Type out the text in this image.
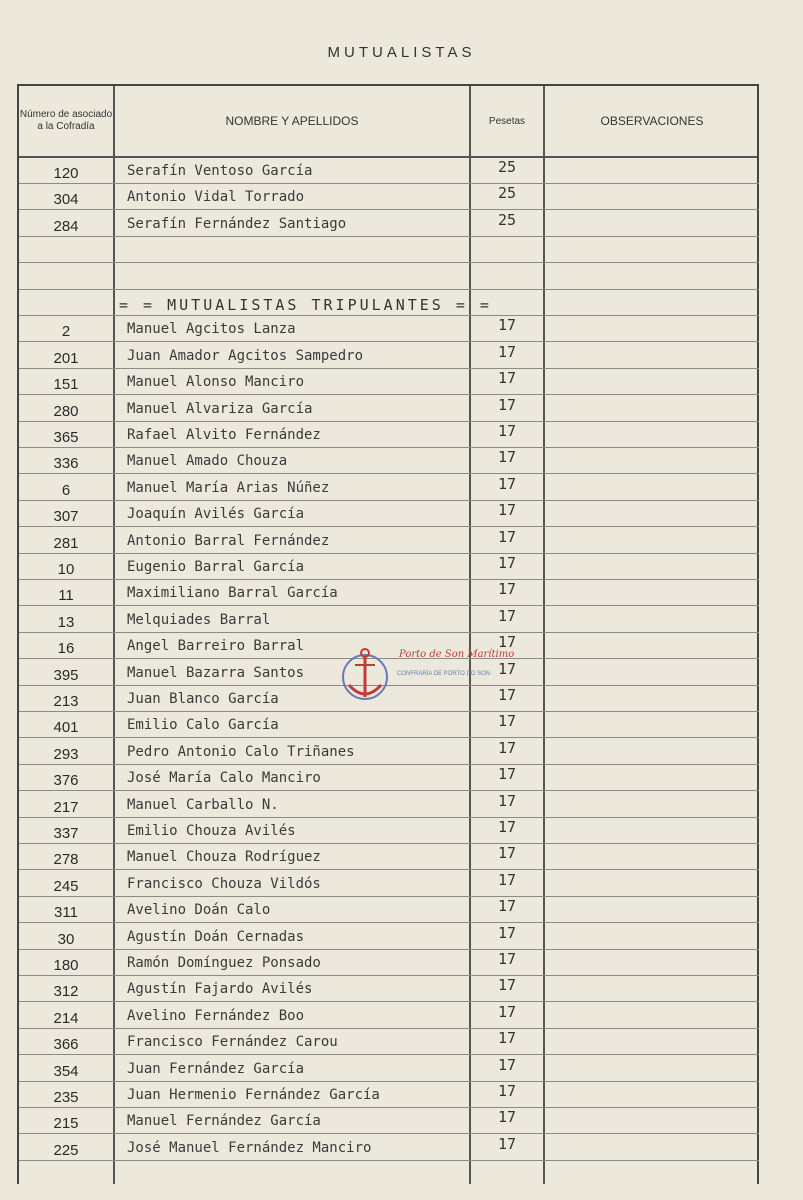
MUTUALISTAS
Número de asociado a la Cofradía	NOMBRE Y APELLIDOS	Pesetas	OBSERVACIONES
120	Serafín Ventoso García	25
304	Antonio Vidal Torrado	25
284	Serafín Fernández Santiago	25
2	Manuel Agcitos Lanza	17
201	Juan Amador Agcitos Sampedro	17
151	Manuel Alonso Manciro	17
280	Manuel Alvariza García	17
365	Rafael Alvito Fernández	17
336	Manuel Amado Chouza	17
6	Manuel María Arias Núñez	17
307	Joaquín Avilés García	17
281	Antonio Barral Fernández	17
10	Eugenio Barral García	17
11	Maximiliano Barral García	17
13	Melquiades Barral	17
16	Angel Barreiro Barral	17
395	Manuel Bazarra Santos	17
213	Juan Blanco García	17
401	Emilio Calo García	17
293	Pedro Antonio Calo Triñanes	17
376	José María Calo Manciro	17
217	Manuel Carballo N.	17
337	Emilio Chouza Avilés	17
278	Manuel Chouza Rodríguez	17
245	Francisco Chouza Vildós	17
311	Avelino Doán Calo	17
30	Agustín Doán Cernadas	17
180	Ramón Domínguez Ponsado	17
312	Agustín Fajardo Avilés	17
214	Avelino Fernández Boo	17
366	Francisco Fernández Carou	17
354	Juan Fernández García	17
235	Juan Hermenio Fernández García	17
215	Manuel Fernández García	17
225	José Manuel Fernández Manciro	17
= = MUTUALISTAS TRIPULANTES = =
Porto de Son Marítimo
CONFRARÍA DE PORTO DO SON
